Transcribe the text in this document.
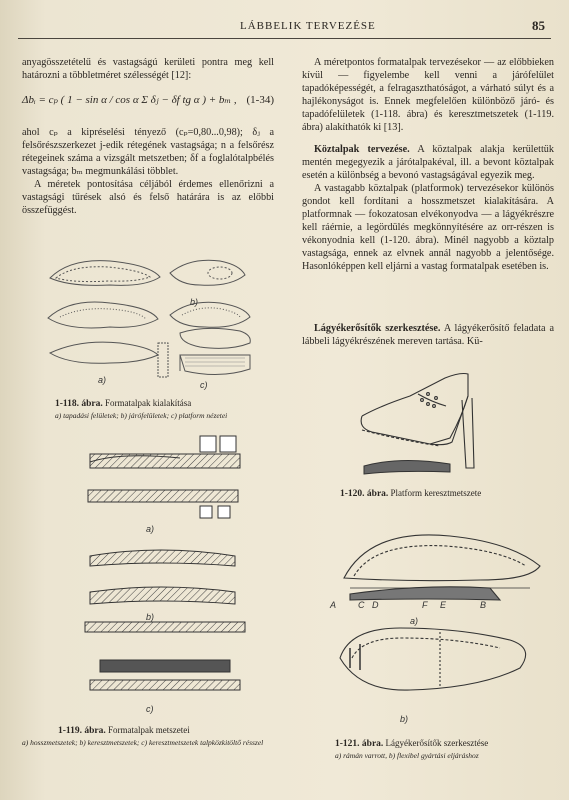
LÁBBELIK TERVEZÉSE	85

anyagösszetételű és vastagságú kerületi pontra meg kell határozni a többletméret szélességét [12]:

Δbᵢ = cₚ ( 1 − sin α / cos α Σ δⱼ − δf tg α ) + bₘ , (1-34)

ahol cₚ a kipréselési tényező (cₚ=0,80...0,98); δⱼ a felsőrészszerkezet j-edik rétegének vastagsága; n a felsőrész rétegeinek száma a vizsgált metszetben; δf a foglalótalpbélés vastagsága; bₘ megmunkálási többlet.

A méretek pontosítása céljából érdemes ellenőrizni a vastagsági tűrések alsó és felső határára is az előbbi összefüggést.

a)
b)
c)
1-118. ábra. Formatalpak kialakítása
a) tapadási felületek; b) járófelületek; c) platform nézetei
a)
b)
c)
1-119. ábra. Formatalpak metszetei
a) hosszmetszetek; b) keresztmetszetek; c) keresztmetszetek talpközkitöltő résszel

A méretpontos formatalpak tervezésekor — az előbbieken kívül — figyelembe kell venni a járófelület tapadóképességét, a felragaszthatóságot, a várható súlyt és a hajlékonyságot is. Ennek megfelelően különböző járó- és tapadófelületek (1-118. ábra) és keresztmetszetek (1-119. ábra) alakíthatók ki [13].

Köztalpak tervezése. A köztalpak alakja kerülettük mentén megegyezik a járótalpakéval, ill. a bevont köztalpak esetén a különbség a bevonó vastagságával egyezik meg.

A vastagabb köztalpak (platformok) tervezésekor különös gondot kell fordítani a hosszmetszet kialakítására. A platformnak — fokozatosan elvékonyodva — a lágyékrészre kell ráérnie, a legördülés megkönnyítésére az orr-részen is vékonyodnia kell (1-120. ábra). Minél nagyobb a köztalp vastagsága, ennek az elvnek annál nagyobb a jelentősége. Hasonlóképpen kell eljárni a vastag formatalpak esetében is.

Lágyékerősítők szerkesztése. A lágyékerősítő feladata a lábbeli lágyékrészének mereven tartása. Kü-

1-120. ábra. Platform keresztmetszete
A	B
C D	E
F
a)
b)
1-121. ábra. Lágyékerősítők szerkesztése
a) rámán varrott, b) flexibel gyártási eljáráshoz
